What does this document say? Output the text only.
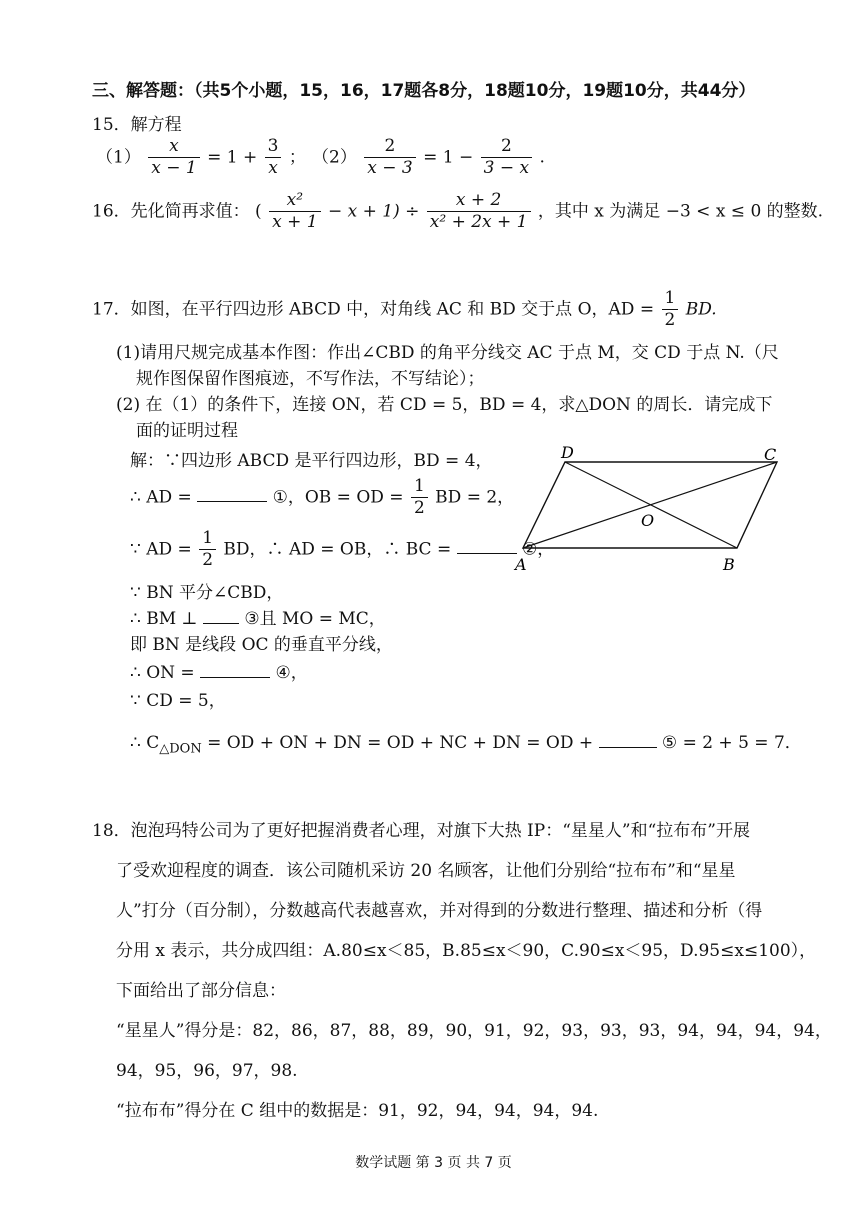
三、解答题：（共5个小题，15，16，17题各8分，18题10分，19题10分，共44分）
15．解方程
$(1) \frac{x}{x - 1} = 1 + \frac{3}{x}$ ； $(2) \frac{2}{x - 3} = 1 - \frac{2}{3 - x}$ .
16．先化简再求值： ( $\frac{\text{x²}}{x + 1} - x + 1) \div \frac{x + 2}{\text{x² + 2x + 1}}$ ，其中 x 为满足 −3 < x ≤ 0 的整数.
17．如图，在平行四边形 ABCD 中，对角线 AC 和 BD 交于点 O，AD = $\frac{1}{2}$ BD.
(1)请用尺规完成基本作图：作出∠CBD 的角平分线交 AC 于点 M，交 CD 于点 N.（尺
规作图保留作图痕迹，不写作法，不写结论）；
(2) 在（1）的条件下，连接 ON，若 CD = 5，BD = 4，求△DON 的周长．请完成下
面的证明过程
解：∵四边形 ABCD 是平行四边形，BD = 4，
∴ AD =	①，OB = OD = $\frac{1}{2}$ BD = 2，
∵ AD = $\frac{1}{2}$ BD，∴ AD = OB，∴ BC =	②，
∵ BN 平分∠CBD，
∴ BM ⊥	③且 MO = MC，
即 BN 是线段 OC 的垂直平分线，
∴ ON =	④，
∵ CD = 5，
∴ $C_{\triangle DON}$ = OD + ON + DN = OD + NC + DN = OD +	⑤ = 2 + 5 = 7．
D	C
A	B
O
18．泡泡玛特公司为了更好把握消费者心理，对旗下大热 IP：“星星人”和“拉布布”开展
了受欢迎程度的调查．该公司随机采访 20 名顾客，让他们分别给“拉布布”和“星星
人”打分（百分制），分数越高代表越喜欢，并对得到的分数进行整理、描述和分析（得
分用 x 表示，共分成四组：A.80≤x＜85，B.85≤x＜90，C.90≤x＜95，D.95≤x≤100），
下面给出了部分信息：
“星星人”得分是：82，86，87，88，89，90，91，92，93，93，93，94，94，94，94，
94，95，96，97，98.
“拉布布”得分在 C 组中的数据是：91，92，94，94，94，94.
数学试题 第 3 页 共 7 页
